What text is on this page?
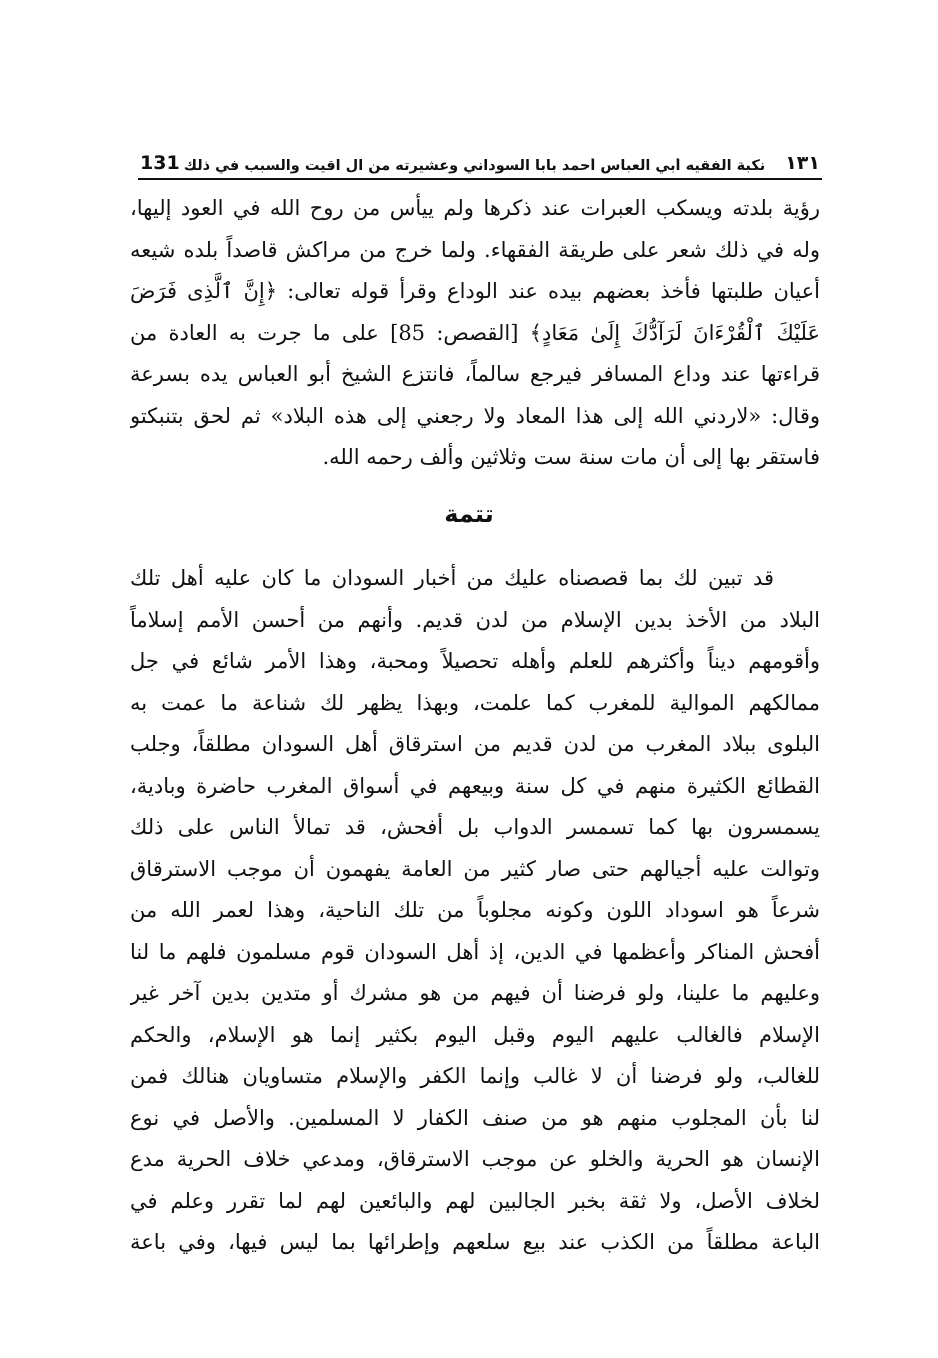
131 نكبة الفقيه أبي العباس أحمد بابا السوداني وعشيرته من آل آقيت والسبب في ذلك	١٣١
رؤية بلدته ويسكب العبرات عند ذكرها ولم ييأس من روح الله في العود إليها،
وله في ذلك شعر على طريقة الفقهاء. ولما خرج من مراكش قاصداً بلده شيعه
أعيان طلبتها فأخذ بعضهم بيده عند الوداع وقرأ قوله تعالى: ﴿إِنَّ ٱلَّذِى فَرَضَ
عَلَيْكَ ٱلْقُرْءَانَ لَرَآدُّكَ إِلَىٰ مَعَادٍ﴾ [القصص: 85] على ما جرت به العادة من
قراءتها عند وداع المسافر فيرجع سالماً، فانتزع الشيخ أبو العباس يده بسرعة
وقال: «لاردني الله إلى هذا المعاد ولا رجعني إلى هذه البلاد» ثم لحق بتنبكتو
فاستقر بها إلى أن مات سنة ست وثلاثين وألف رحمه الله.
تتمة
قد تبين لك بما قصصناه عليك من أخبار السودان ما كان عليه أهل تلك
البلاد من الأخذ بدين الإسلام من لدن قديم. وأنهم من أحسن الأمم إسلاماً
وأقومهم ديناً وأكثرهم للعلم وأهله تحصيلاً ومحبة، وهذا الأمر شائع في جل
ممالكهم الموالية للمغرب كما علمت، وبهذا يظهر لك شناعة ما عمت به
البلوى ببلاد المغرب من لدن قديم من استرقاق أهل السودان مطلقاً، وجلب
القطائع الكثيرة منهم في كل سنة وبيعهم في أسواق المغرب حاضرة وبادية،
يسمسرون بها كما تسمسر الدواب بل أفحش، قد تمالأ الناس على ذلك
وتوالت عليه أجيالهم حتى صار كثير من العامة يفهمون أن موجب الاسترقاق
شرعاً هو اسوداد اللون وكونه مجلوباً من تلك الناحية، وهذا لعمر الله من
أفحش المناكر وأعظمها في الدين، إذ أهل السودان قوم مسلمون فلهم ما لنا
وعليهم ما علينا، ولو فرضنا أن فيهم من هو مشرك أو متدين بدين آخر غير
الإسلام فالغالب عليهم اليوم وقبل اليوم بكثير إنما هو الإسلام، والحكم
للغالب، ولو فرضنا أن لا غالب وإنما الكفر والإسلام متساويان هنالك فمن
لنا بأن المجلوب منهم هو من صنف الكفار لا المسلمين. والأصل في نوع
الإنسان هو الحرية والخلو عن موجب الاسترقاق، ومدعي خلاف الحرية مدع
لخلاف الأصل، ولا ثقة بخبر الجالبين لهم والبائعين لهم لما تقرر وعلم في
الباعة مطلقاً من الكذب عند بيع سلعهم وإطرائها بما ليس فيها، وفي باعة
